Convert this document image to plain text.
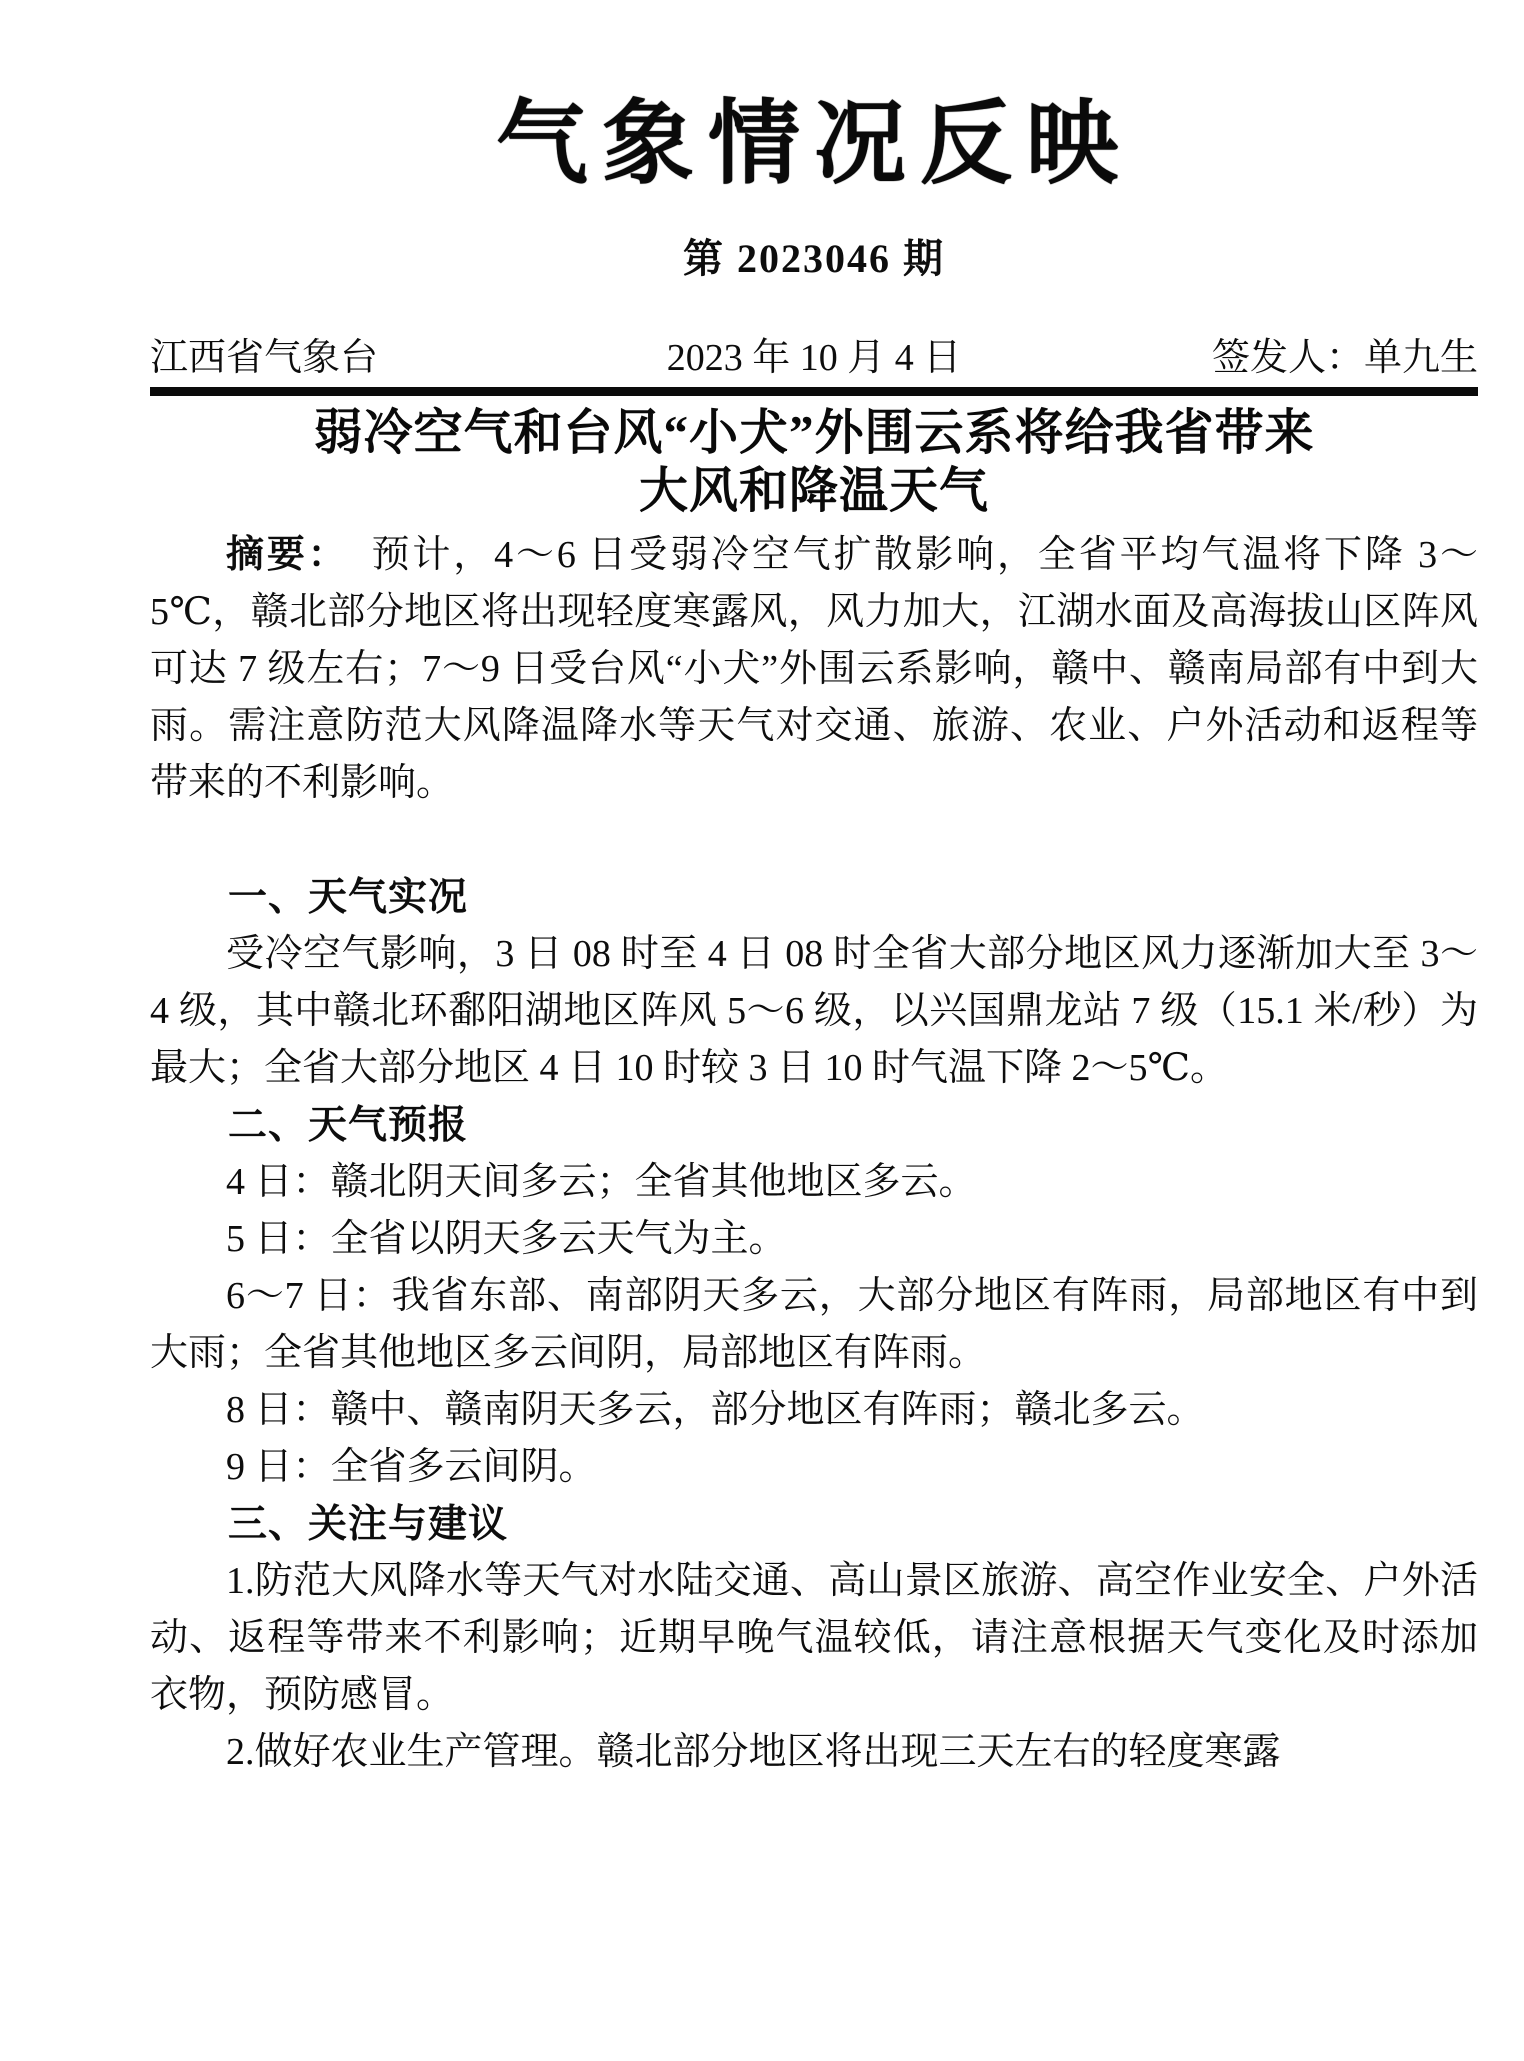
气象情况反映
第 2023046 期
江西省气象台	2023 年 10 月 4 日	签发人：单九生
弱冷空气和台风“小犬”外围云系将给我省带来
大风和降温天气

摘要： 预计，4～6 日受弱冷空气扩散影响，全省平均气温将下降 3～5℃，赣北部分地区将出现轻度寒露风，风力加大，江湖水面及高海拔山区阵风可达 7 级左右；7～9 日受台风“小犬”外围云系影响，赣中、赣南局部有中到大雨。需注意防范大风降温降水等天气对交通、旅游、农业、户外活动和返程等带来的不利影响。

一、天气实况

受冷空气影响，3 日 08 时至 4 日 08 时全省大部分地区风力逐渐加大至 3～4 级，其中赣北环鄱阳湖地区阵风 5～6 级，以兴国鼎龙站 7 级（15.1 米/秒）为最大；全省大部分地区 4 日 10 时较 3 日 10 时气温下降 2～5℃。

二、天气预报

4 日：赣北阴天间多云；全省其他地区多云。

5 日：全省以阴天多云天气为主。

6～7 日：我省东部、南部阴天多云，大部分地区有阵雨，局部地区有中到大雨；全省其他地区多云间阴，局部地区有阵雨。

8 日：赣中、赣南阴天多云，部分地区有阵雨；赣北多云。

9 日：全省多云间阴。

三、关注与建议

1.防范大风降水等天气对水陆交通、高山景区旅游、高空作业安全、户外活动、返程等带来不利影响；近期早晚气温较低，请注意根据天气变化及时添加衣物，预防感冒。

2.做好农业生产管理。赣北部分地区将出现三天左右的轻度寒露
